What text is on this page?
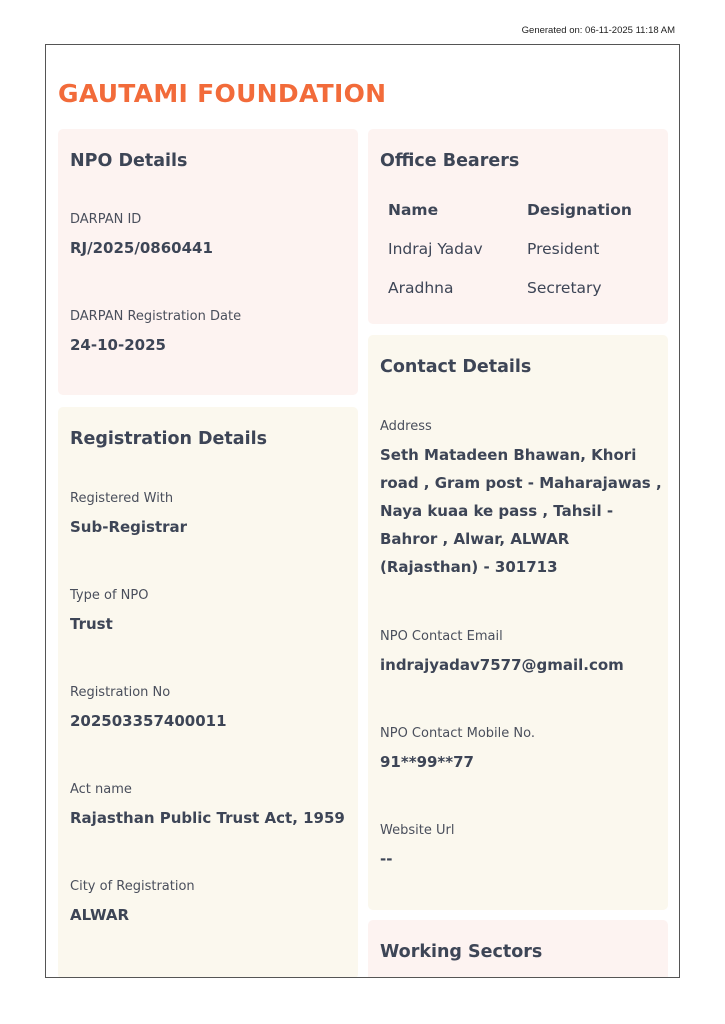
Generated on: 06-11-2025 11:18 AM
GAUTAMI FOUNDATION
NPO Details
DARPAN ID
RJ/2025/0860441
DARPAN Registration Date
24-10-2025
Registration Details
Registered With
Sub-Registrar
Type of NPO
Trust
Registration No
202503357400011
Act name
Rajasthan Public Trust Act, 1959
City of Registration
ALWAR
Office Bearers
Name	Designation
Indraj Yadav	President
Aradhna	Secretary
Contact Details
Address
Seth Matadeen Bhawan, Khori road , Gram post - Maharajawas , Naya kuaa ke pass , Tahsil - Bahror , Alwar, ALWAR (Rajasthan) - 301713
NPO Contact Email
indrajyadav7577@gmail.com
NPO Contact Mobile No.
91**99**77
Website Url
--
Working Sectors
